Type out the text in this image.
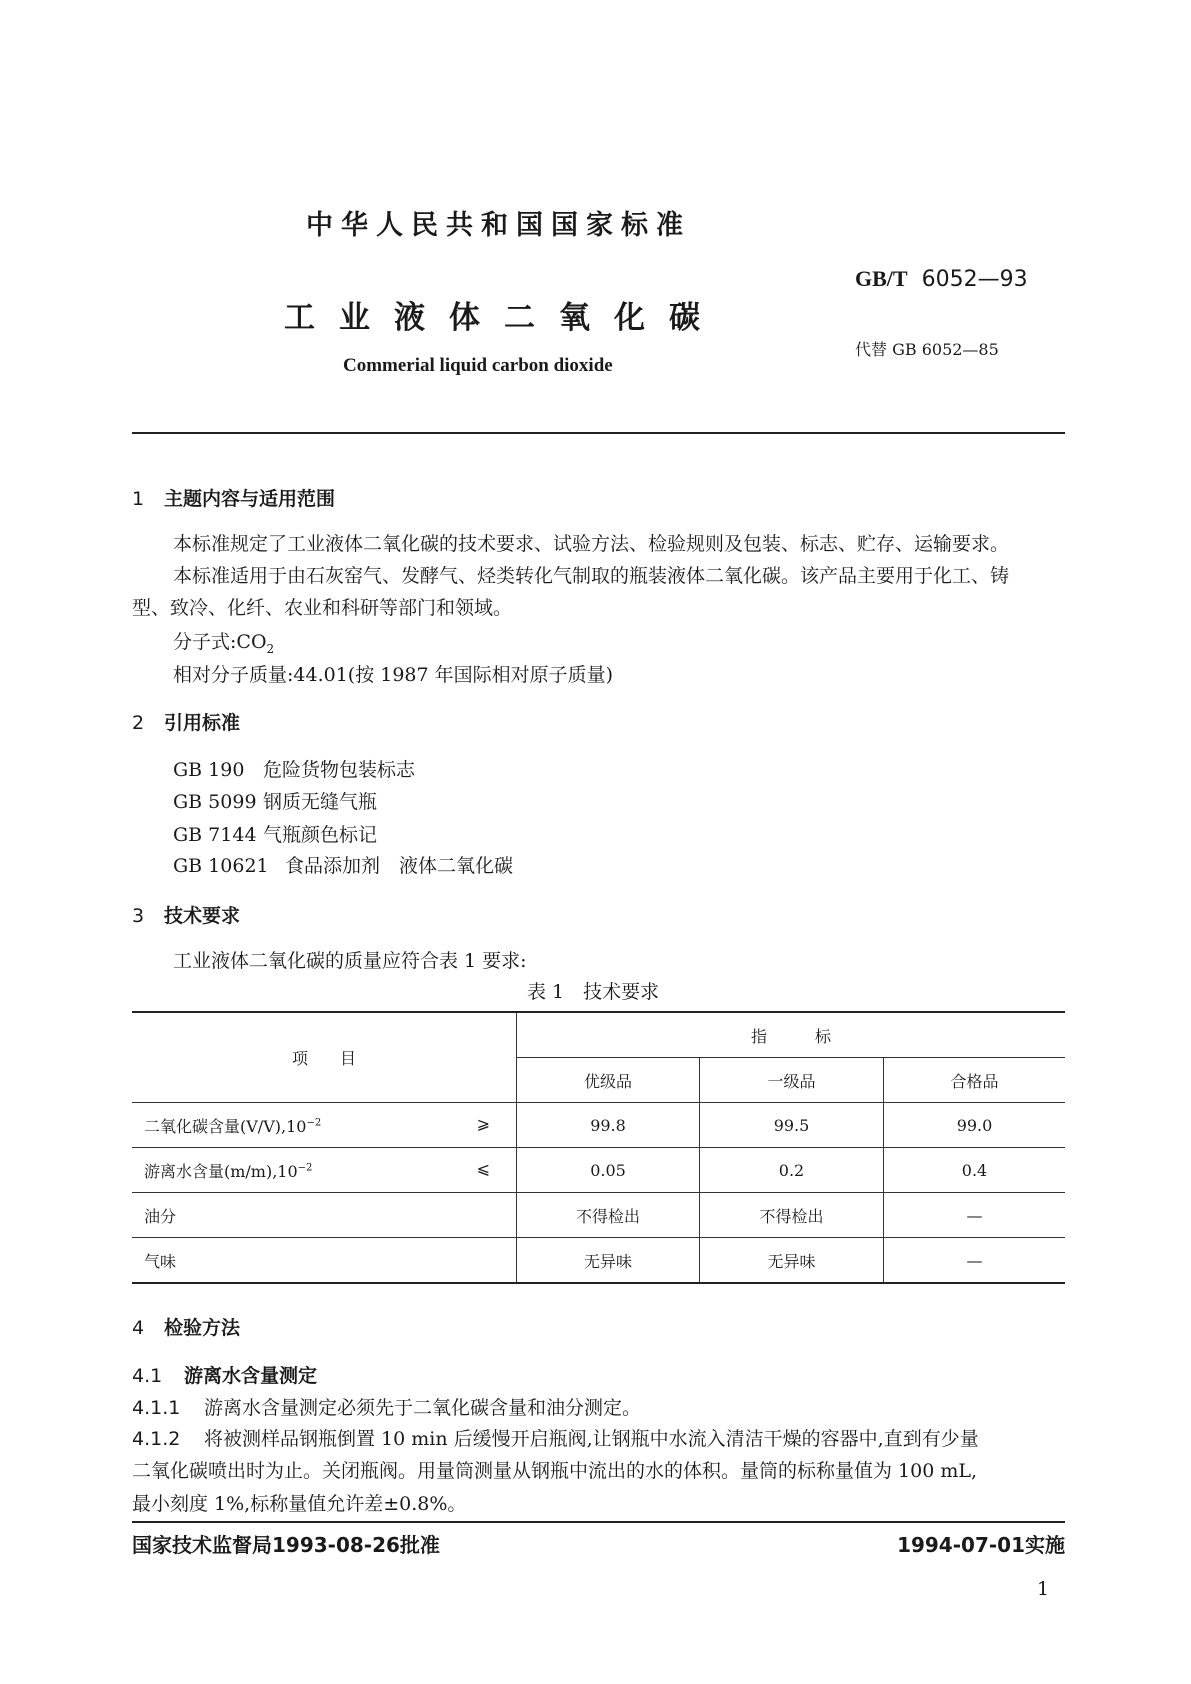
中华人民共和国国家标准
工业液体二氧化碳
Commerial liquid carbon dioxide
GB/T 6052—93
代替 GB 6052—85
1 主题内容与适用范围
本标准规定了工业液体二氧化碳的技术要求、试验方法、检验规则及包装、标志、贮存、运输要求。
本标准适用于由石灰窑气、发酵气、烃类转化气制取的瓶装液体二氧化碳。该产品主要用于化工、铸
型、致冷、化纤、农业和科研等部门和领域。
分子式$:CO_2$
相对分子质量:44.01(按 1987 年国际相对原子质量)
2 引用标准
GB 190 危险货物包装标志
GB 5099 钢质无缝气瓶
GB 7144 气瓶颜色标记
GB 10621 食品添加剂　液体二氧化碳
3 技术要求
工业液体二氧化碳的质量应符合表 1 要求:
表 1　技术要求
项　　目	指　　　标		
	优级品	一级品	合格品
二氧化碳含量$(V/V),10^{-2}$ ⩾	99.8	99.5	99.0
游离水含量$(m/m),10^{-2}$ ⩽	0.05	0.2	0.4
油分	不得检出	不得检出	—
气味	无异味	无异味	—
4 检验方法
4.1 游离水含量测定
4.1.1 游离水含量测定必须先于二氧化碳含量和油分测定。
4.1.2 将被测样品钢瓶倒置 10 min 后缓慢开启瓶阀,让钢瓶中水流入清洁干燥的容器中,直到有少量
二氧化碳喷出时为止。关闭瓶阀。用量筒测量从钢瓶中流出的水的体积。量筒的标称量值为 100 mL,
最小刻度 1%,标称量值允许差±0.8%。
国家技术监督局1993-08-26批准	1994-07-01实施
1
